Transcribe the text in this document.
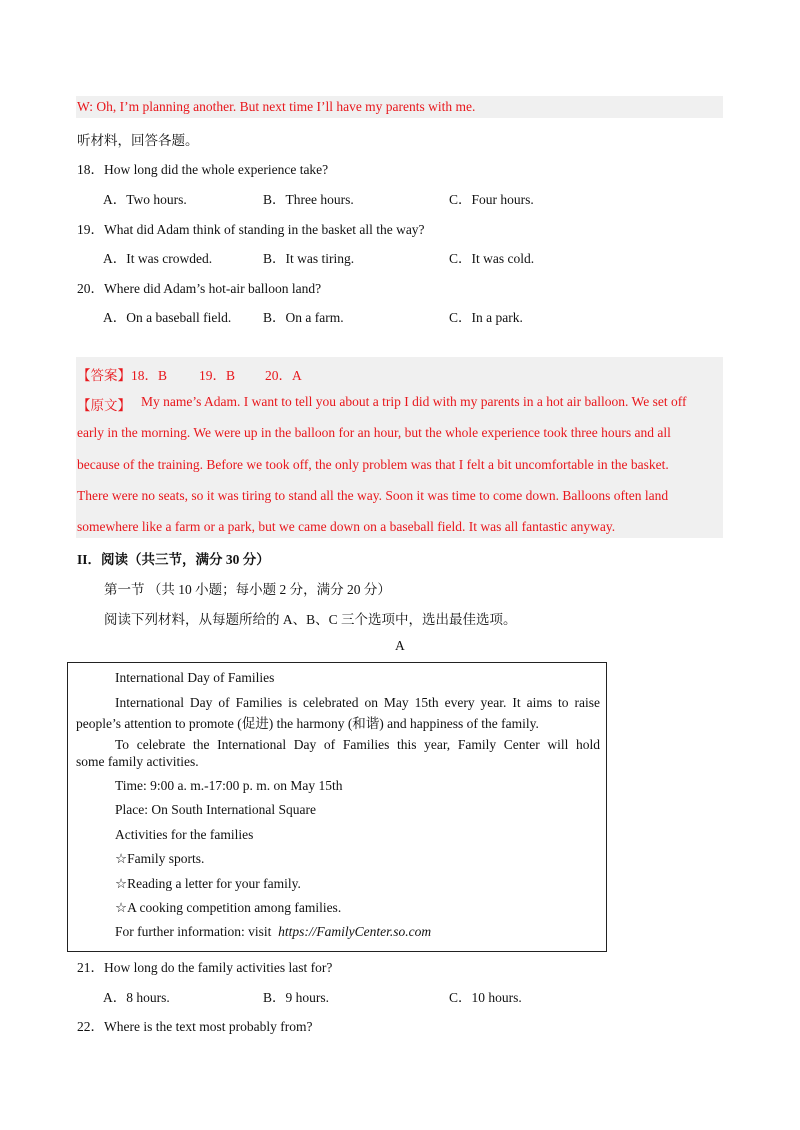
W: Oh, I’m planning another. But next time I’ll have my parents with me.
听材料，回答各题。
18．How long did the whole experience take?
A．Two hours.	B．Three hours.	C．Four hours.
19．What did Adam think of standing in the basket all the way?
A．It was crowded.	B．It was tiring.	C．It was cold.
20．Where did Adam’s hot-air balloon land?
A．On a baseball field. B．On a farm.	C．In a park.
【答案】18．B 19．B 20．A
【原文】 My name’s Adam. I want to tell you about a trip I did with my parents in a hot air balloon. We set off
early in the morning. We were up in the balloon for an hour, but the whole experience took three hours and all
because of the training. Before we took off, the only problem was that I felt a bit uncomfortable in the basket.
There were no seats, so it was tiring to stand all the way. Soon it was time to come down. Balloons often land
somewhere like a farm or a park, but we came down on a baseball field. It was all fantastic anyway.
II．阅读（共三节，满分 30 分）
第一节 （共 10 小题；每小题 2 分，满分 20 分）
阅读下列材料，从每题所给的 A、B、C 三个选项中，选出最佳选项。
A
International Day of Families
International Day of Families is celebrated on May 15th every year. It aims to raise
people’s attention to promote (促进) the harmony (和谐) and happiness of the family.
To celebrate the International Day of Families this year, Family Center will hold
some family activities.
Time: 9:00 a. m.-17:00 p. m. on May 15th
Place: On South International Square
Activities for the families
☆Family sports.
☆Reading a letter for your family.
☆A cooking competition among families.
For further information: visit https://FamilyCenter.so.com
21．How long do the family activities last for?
A．8 hours.	B．9 hours.	C．10 hours.
22．Where is the text most probably from?
